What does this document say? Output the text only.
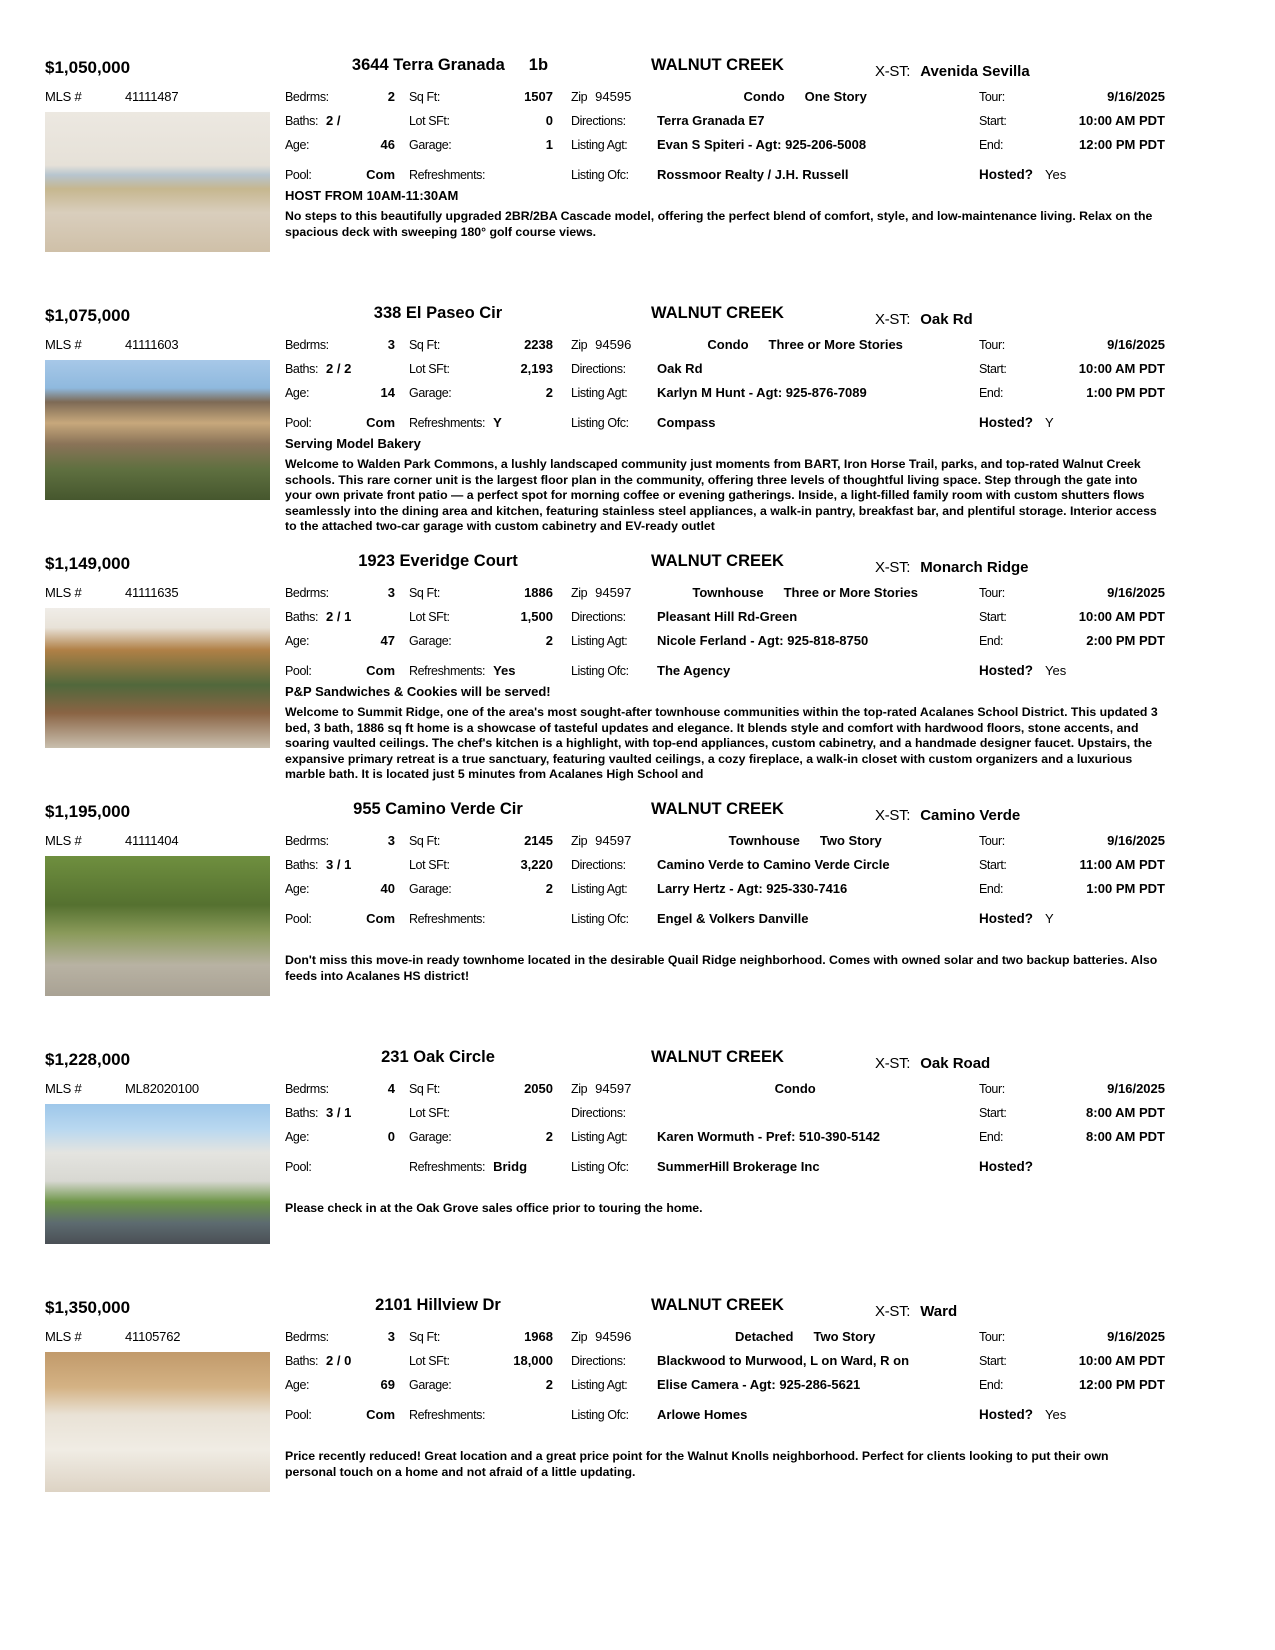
$1,050,000	3644 Terra Granada 1b	WALNUT CREEK	X-ST: Avenida Sevilla
MLS #	41111487	Bedrms:	2 Sq Ft:	1507 Zip 94595	Condo One Story	Tour:	9/16/2025
Baths: 2 /	Lot SFt:	0 Directions:	Terra Granada E7	Start:	10:00 AM PDT
Age:	46 Garage:	1 Listing Agt:	Evan S Spiteri - Agt: 925-206-5008	End:	12:00 PM PDT
Pool:	Com Refreshments:	Listing Ofc:	Rossmoor Realty / J.H. Russell	Hosted? Yes
HOST FROM 10AM-11:30AM
No steps to this beautifully upgraded 2BR/2BA Cascade model, offering the perfect blend of comfort, style, and low-maintenance living. Relax on the spacious deck with sweeping 180° golf course views.
$1,075,000	338 El Paseo Cir	WALNUT CREEK	X-ST: Oak Rd
MLS #	41111603	Bedrms:	3 Sq Ft:	2238 Zip 94596	Condo Three or More Stories	Tour:	9/16/2025
Baths: 2 / 2	Lot SFt:	2,193 Directions:	Oak Rd	Start:	10:00 AM PDT
Age:	14 Garage:	2 Listing Agt:	Karlyn M Hunt - Agt: 925-876-7089	End:	1:00 PM PDT
Pool:	Com Refreshments: Y	Listing Ofc:	Compass	Hosted? Y
Serving Model Bakery
Welcome to Walden Park Commons, a lushly landscaped community just moments from BART, Iron Horse Trail, parks, and top-rated Walnut Creek schools. This rare corner unit is the largest floor plan in the community, offering three levels of thoughtful living space. Step through the gate into your own private front patio — a perfect spot for morning coffee or evening gatherings. Inside, a light-filled family room with custom shutters flows seamlessly into the dining area and kitchen, featuring stainless steel appliances, a walk-in pantry, breakfast bar, and plentiful storage. Interior access to the attached two-car garage with custom cabinetry and EV-ready outlet
$1,149,000	1923 Everidge Court	WALNUT CREEK	X-ST: Monarch Ridge
MLS #	41111635	Bedrms:	3 Sq Ft:	1886 Zip 94597	Townhouse Three or More Stories	Tour:	9/16/2025
Baths: 2 / 1	Lot SFt:	1,500 Directions:	Pleasant Hill Rd-Green	Start:	10:00 AM PDT
Age:	47 Garage:	2 Listing Agt:	Nicole Ferland - Agt: 925-818-8750	End:	2:00 PM PDT
Pool:	Com Refreshments: Yes	Listing Ofc:	The Agency	Hosted? Yes
P&P Sandwiches & Cookies will be served!
Welcome to Summit Ridge, one of the area's most sought-after townhouse communities within the top-rated Acalanes School District. This updated 3 bed, 3 bath, 1886 sq ft home is a showcase of tasteful updates and elegance. It blends style and comfort with hardwood floors, stone accents, and soaring vaulted ceilings. The chef's kitchen is a highlight, with top-end appliances, custom cabinetry, and a handmade designer faucet. Upstairs, the expansive primary retreat is a true sanctuary, featuring vaulted ceilings, a cozy fireplace, a walk-in closet with custom organizers and a luxurious marble bath. It is located just 5 minutes from Acalanes High School and
$1,195,000	955 Camino Verde Cir	WALNUT CREEK	X-ST: Camino Verde
MLS #	41111404	Bedrms:	3 Sq Ft:	2145 Zip 94597	Townhouse Two Story	Tour:	9/16/2025
Baths: 3 / 1	Lot SFt:	3,220 Directions:	Camino Verde to Camino Verde Circle	Start:	11:00 AM PDT
Age:	40 Garage:	2 Listing Agt:	Larry Hertz - Agt: 925-330-7416	End:	1:00 PM PDT
Pool:	Com Refreshments:	Listing Ofc:	Engel & Volkers Danville	Hosted? Y
Don't miss this move-in ready townhome located in the desirable Quail Ridge neighborhood. Comes with owned solar and two backup batteries. Also feeds into Acalanes HS district!
$1,228,000	231 Oak Circle	WALNUT CREEK	X-ST: Oak Road
MLS #	ML82020100	Bedrms:	4 Sq Ft:	2050 Zip 94597	Condo	Tour:	9/16/2025
Baths: 3 / 1	Lot SFt:	Directions:	Start:	8:00 AM PDT
Age:	0 Garage:	2 Listing Agt:	Karen Wormuth - Pref: 510-390-5142	End:	8:00 AM PDT
Pool:	Refreshments: Bridg	Listing Ofc:	SummerHill Brokerage Inc	Hosted?
Please check in at the Oak Grove sales office prior to touring the home.
$1,350,000	2101 Hillview Dr	WALNUT CREEK	X-ST: Ward
MLS #	41105762	Bedrms:	3 Sq Ft:	1968 Zip 94596	Detached Two Story	Tour:	9/16/2025
Baths: 2 / 0	Lot SFt:	18,000 Directions:	Blackwood to Murwood, L on Ward, R on	Start:	10:00 AM PDT
Age:	69 Garage:	2 Listing Agt:	Elise Camera - Agt: 925-286-5621	End:	12:00 PM PDT
Pool:	Com Refreshments:	Listing Ofc:	Arlowe Homes	Hosted? Yes
Price recently reduced! Great location and a great price point for the Walnut Knolls neighborhood. Perfect for clients looking to put their own personal touch on a home and not afraid of a little updating.
